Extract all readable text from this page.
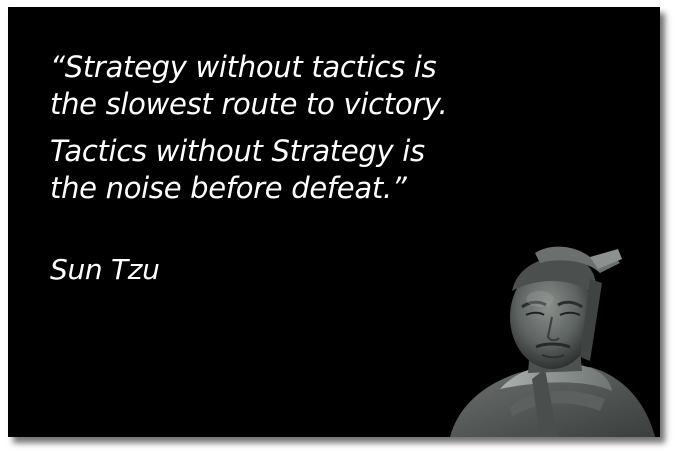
“Strategy without tactics is
the slowest route to victory.
Tactics without Strategy is
the noise before defeat.”

Sun Tzu
